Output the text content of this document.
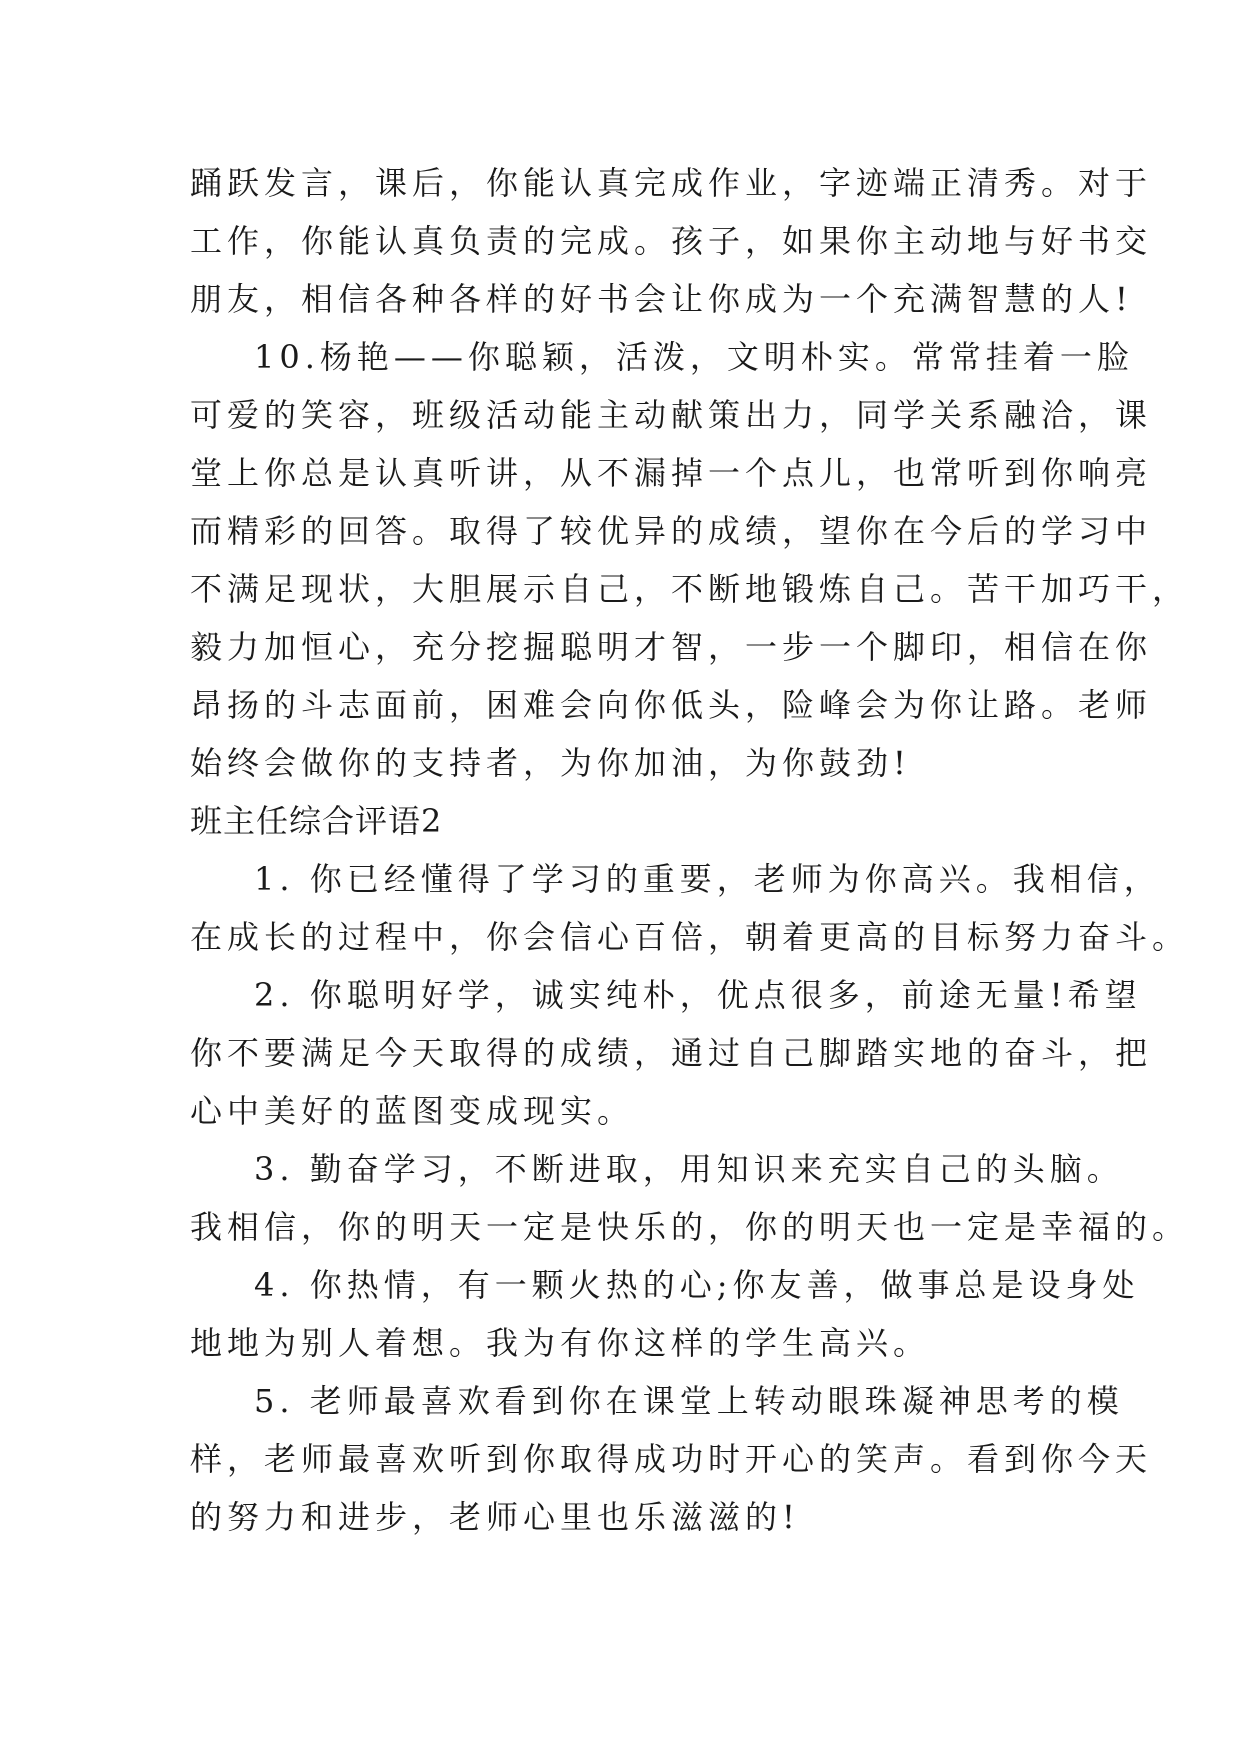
踊跃发言，课后，你能认真完成作业，字迹端正清秀。对于
工作，你能认真负责的完成。孩子，如果你主动地与好书交
朋友，相信各种各样的好书会让你成为一个充满智慧的人!
10.杨艳——你聪颖，活泼，文明朴实。常常挂着一脸
可爱的笑容，班级活动能主动献策出力，同学关系融洽，课
堂上你总是认真听讲，从不漏掉一个点儿，也常听到你响亮
而精彩的回答。取得了较优异的成绩，望你在今后的学习中
不满足现状，大胆展示自己，不断地锻炼自己。苦干加巧干，
毅力加恒心，充分挖掘聪明才智，一步一个脚印，相信在你
昂扬的斗志面前，困难会向你低头，险峰会为你让路。老师
始终会做你的支持者，为你加油，为你鼓劲!
班主任综合评语2
1. 你已经懂得了学习的重要，老师为你高兴。我相信，
在成长的过程中，你会信心百倍，朝着更高的目标努力奋斗。
2. 你聪明好学，诚实纯朴，优点很多，前途无量!希望
你不要满足今天取得的成绩，通过自己脚踏实地的奋斗，把
心中美好的蓝图变成现实。
3. 勤奋学习，不断进取，用知识来充实自己的头脑。
我相信，你的明天一定是快乐的，你的明天也一定是幸福的。
4. 你热情，有一颗火热的心;你友善，做事总是设身处
地地为别人着想。我为有你这样的学生高兴。
5. 老师最喜欢看到你在课堂上转动眼珠凝神思考的模
样，老师最喜欢听到你取得成功时开心的笑声。看到你今天
的努力和进步，老师心里也乐滋滋的!
